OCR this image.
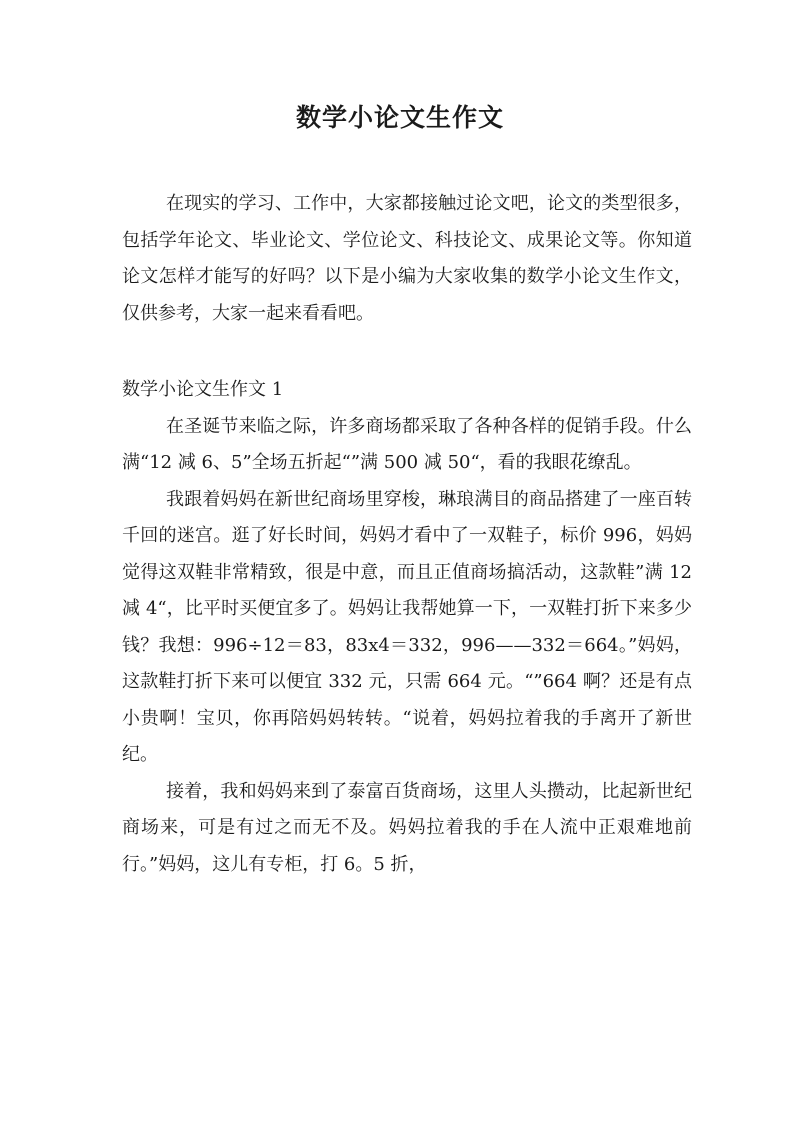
数学小论文生作文

在现实的学习、工作中，大家都接触过论文吧，论文的类型很多，包括学年论文、毕业论文、学位论文、科技论文、成果论文等。你知道论文怎样才能写的好吗？以下是小编为大家收集的数学小论文生作文，仅供参考，大家一起来看看吧。

数学小论文生作文 1

在圣诞节来临之际，许多商场都采取了各种各样的促销手段。什么满“12 减 6、5”全场五折起“”满 500 减 50“，看的我眼花缭乱。

我跟着妈妈在新世纪商场里穿梭，琳琅满目的商品搭建了一座百转千回的迷宫。逛了好长时间，妈妈才看中了一双鞋子，标价 996，妈妈觉得这双鞋非常精致，很是中意，而且正值商场搞活动，这款鞋”满 12 减 4“，比平时买便宜多了。妈妈让我帮她算一下，一双鞋打折下来多少钱？我想：996÷12＝83，83x4＝332，996——332＝664。”妈妈，这款鞋打折下来可以便宜 332 元，只需 664 元。“”664 啊？还是有点小贵啊！宝贝，你再陪妈妈转转。“说着，妈妈拉着我的手离开了新世纪。

接着，我和妈妈来到了泰富百货商场，这里人头攒动，比起新世纪商场来，可是有过之而无不及。妈妈拉着我的手在人流中正艰难地前行。”妈妈，这儿有专柜，打 6。5 折，
